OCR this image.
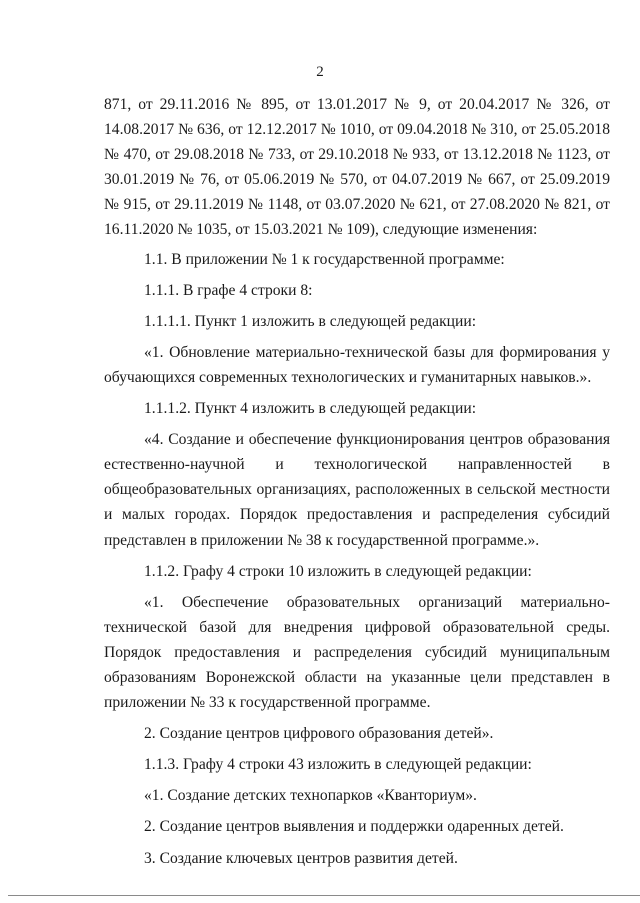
2

871, от 29.11.2016 № 895, от 13.01.2017 № 9, от 20.04.2017 № 326, от 14.08.2017 № 636, от 12.12.2017 № 1010, от 09.04.2018 № 310, от 25.05.2018 № 470, от 29.08.2018 № 733, от 29.10.2018 № 933, от 13.12.2018 № 1123, от 30.01.2019 № 76, от 05.06.2019 № 570, от 04.07.2019 № 667, от 25.09.2019 № 915, от 29.11.2019 № 1148, от 03.07.2020 № 621, от 27.08.2020 № 821, от 16.11.2020 № 1035, от 15.03.2021 № 109), следующие изменения:

1.1. В приложении № 1 к государственной программе:

1.1.1. В графе 4 строки 8:

1.1.1.1. Пункт 1 изложить в следующей редакции:

«1. Обновление материально-технической базы для формирования у обучающихся современных технологических и гуманитарных навыков.».

1.1.1.2. Пункт 4 изложить в следующей редакции:

«4. Создание и обеспечение функционирования центров образования естественно-научной и технологической направленностей в общеобразовательных организациях, расположенных в сельской местности и малых городах. Порядок предоставления и распределения субсидий представлен в приложении № 38 к государственной программе.».

1.1.2. Графу 4 строки 10 изложить в следующей редакции:

«1. Обеспечение образовательных организаций материально-технической базой для внедрения цифровой образовательной среды. Порядок предоставления и распределения субсидий муниципальным образованиям Воронежской области на указанные цели представлен в приложении № 33 к государственной программе.

2. Создание центров цифрового образования детей».

1.1.3. Графу 4 строки 43 изложить в следующей редакции:

«1. Создание детских технопарков «Кванториум».

2. Создание центров выявления и поддержки одаренных детей.

3. Создание ключевых центров развития детей.
